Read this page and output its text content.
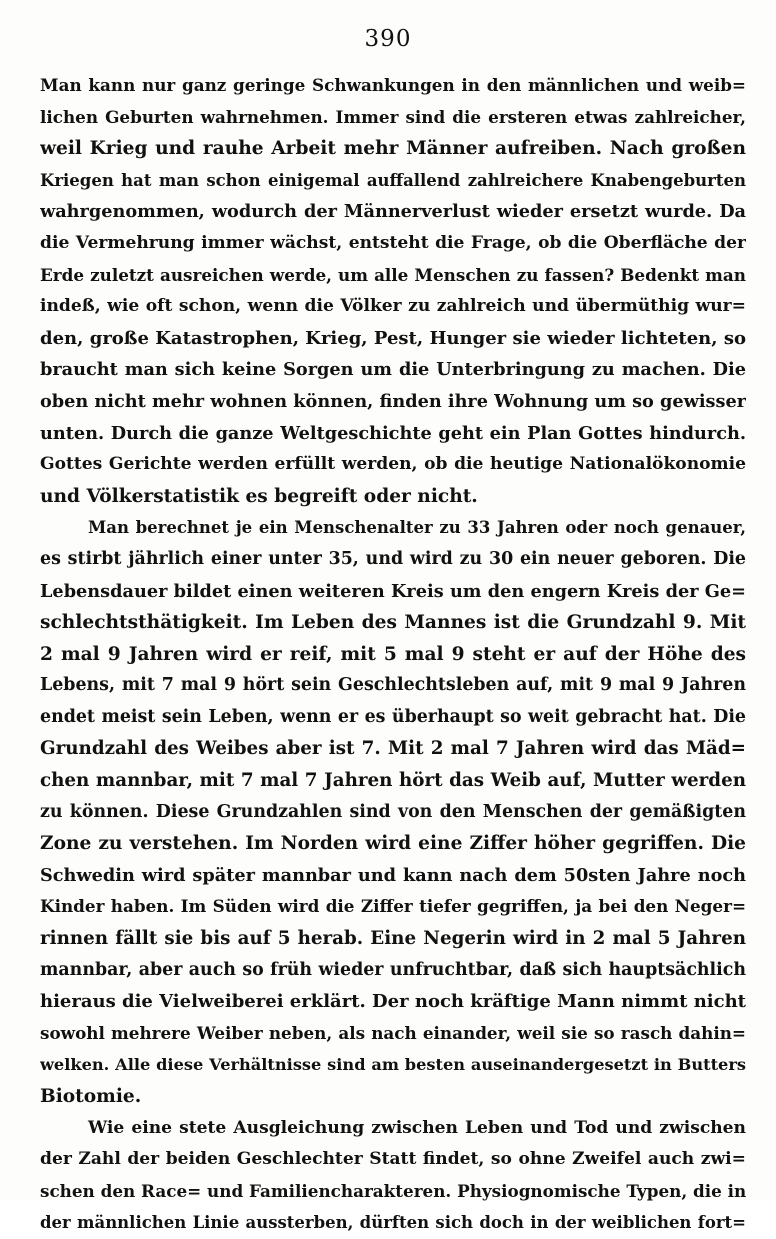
390
Man kann nur ganz geringe Schwankungen in den männlichen und weib=
lichen Geburten wahrnehmen. Immer sind die ersteren etwas zahlreicher,
weil Krieg und rauhe Arbeit mehr Männer aufreiben. Nach großen
Kriegen hat man schon einigemal auffallend zahlreichere Knabengeburten
wahrgenommen, wodurch der Männerverlust wieder ersetzt wurde. Da
die Vermehrung immer wächst, entsteht die Frage, ob die Oberfläche der
Erde zuletzt ausreichen werde, um alle Menschen zu fassen? Bedenkt man
indeß, wie oft schon, wenn die Völker zu zahlreich und übermüthig wur=
den, große Katastrophen, Krieg, Pest, Hunger sie wieder lichteten, so
braucht man sich keine Sorgen um die Unterbringung zu machen. Die
oben nicht mehr wohnen können, finden ihre Wohnung um so gewisser
unten. Durch die ganze Weltgeschichte geht ein Plan Gottes hindurch.
Gottes Gerichte werden erfüllt werden, ob die heutige Nationalökonomie
und Völkerstatistik es begreift oder nicht.
Man berechnet je ein Menschenalter zu 33 Jahren oder noch genauer,
es stirbt jährlich einer unter 35, und wird zu 30 ein neuer geboren. Die
Lebensdauer bildet einen weiteren Kreis um den engern Kreis der Ge=
schlechtsthätigkeit. Im Leben des Mannes ist die Grundzahl 9. Mit
2 mal 9 Jahren wird er reif, mit 5 mal 9 steht er auf der Höhe des
Lebens, mit 7 mal 9 hört sein Geschlechtsleben auf, mit 9 mal 9 Jahren
endet meist sein Leben, wenn er es überhaupt so weit gebracht hat. Die
Grundzahl des Weibes aber ist 7. Mit 2 mal 7 Jahren wird das Mäd=
chen mannbar, mit 7 mal 7 Jahren hört das Weib auf, Mutter werden
zu können. Diese Grundzahlen sind von den Menschen der gemäßigten
Zone zu verstehen. Im Norden wird eine Ziffer höher gegriffen. Die
Schwedin wird später mannbar und kann nach dem 50sten Jahre noch
Kinder haben. Im Süden wird die Ziffer tiefer gegriffen, ja bei den Neger=
rinnen fällt sie bis auf 5 herab. Eine Negerin wird in 2 mal 5 Jahren
mannbar, aber auch so früh wieder unfruchtbar, daß sich hauptsächlich
hieraus die Vielweiberei erklärt. Der noch kräftige Mann nimmt nicht
sowohl mehrere Weiber neben, als nach einander, weil sie so rasch dahin=
welken. Alle diese Verhältnisse sind am besten auseinandergesetzt in Butters
Biotomie.
Wie eine stete Ausgleichung zwischen Leben und Tod und zwischen
der Zahl der beiden Geschlechter Statt findet, so ohne Zweifel auch zwi=
schen den Race= und Familiencharakteren. Physiognomische Typen, die in
der männlichen Linie aussterben, dürften sich doch in der weiblichen fort=
